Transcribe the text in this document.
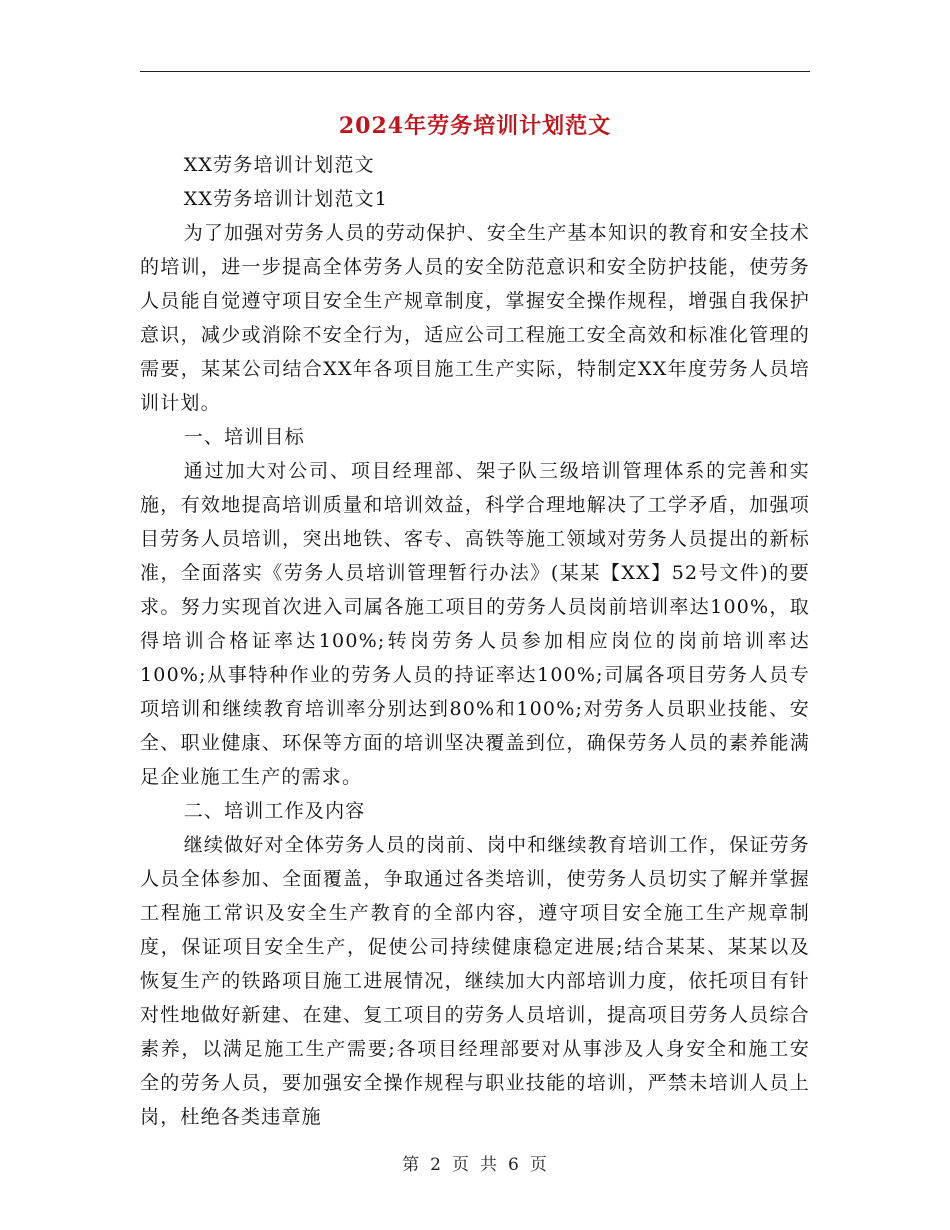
2024年劳务培训计划范文

XX劳务培训计划范文

XX劳务培训计划范文1

为了加强对劳务人员的劳动保护、安全生产基本知识的教育和安全技术的培训，进一步提高全体劳务人员的安全防范意识和安全防护技能，使劳务人员能自觉遵守项目安全生产规章制度，掌握安全操作规程，增强自我保护意识，减少或消除不安全行为，适应公司工程施工安全高效和标准化管理的需要，某某公司结合XX年各项目施工生产实际，特制定XX年度劳务人员培训计划。

一、培训目标

通过加大对公司、项目经理部、架子队三级培训管理体系的完善和实施，有效地提高培训质量和培训效益，科学合理地解决了工学矛盾，加强项目劳务人员培训，突出地铁、客专、高铁等施工领域对劳务人员提出的新标准，全面落实《劳务人员培训管理暂行办法》(某某【XX】52号文件)的要求。努力实现首次进入司属各施工项目的劳务人员岗前培训率达100%，取得培训合格证率达100%;转岗劳务人员参加相应岗位的岗前培训率达100%;从事特种作业的劳务人员的持证率达100%;司属各项目劳务人员专项培训和继续教育培训率分别达到80%和100%;对劳务人员职业技能、安全、职业健康、环保等方面的培训坚决覆盖到位，确保劳务人员的素养能满足企业施工生产的需求。

二、培训工作及内容

继续做好对全体劳务人员的岗前、岗中和继续教育培训工作，保证劳务人员全体参加、全面覆盖，争取通过各类培训，使劳务人员切实了解并掌握工程施工常识及安全生产教育的全部内容，遵守项目安全施工生产规章制度，保证项目安全生产，促使公司持续健康稳定进展;结合某某、某某以及恢复生产的铁路项目施工进展情况，继续加大内部培训力度，依托项目有针对性地做好新建、在建、复工项目的劳务人员培训，提高项目劳务人员综合素养，以满足施工生产需要;各项目经理部要对从事涉及人身安全和施工安全的劳务人员，要加强安全操作规程与职业技能的培训，严禁未培训人员上岗，杜绝各类违章施

第 2 页 共 6 页
